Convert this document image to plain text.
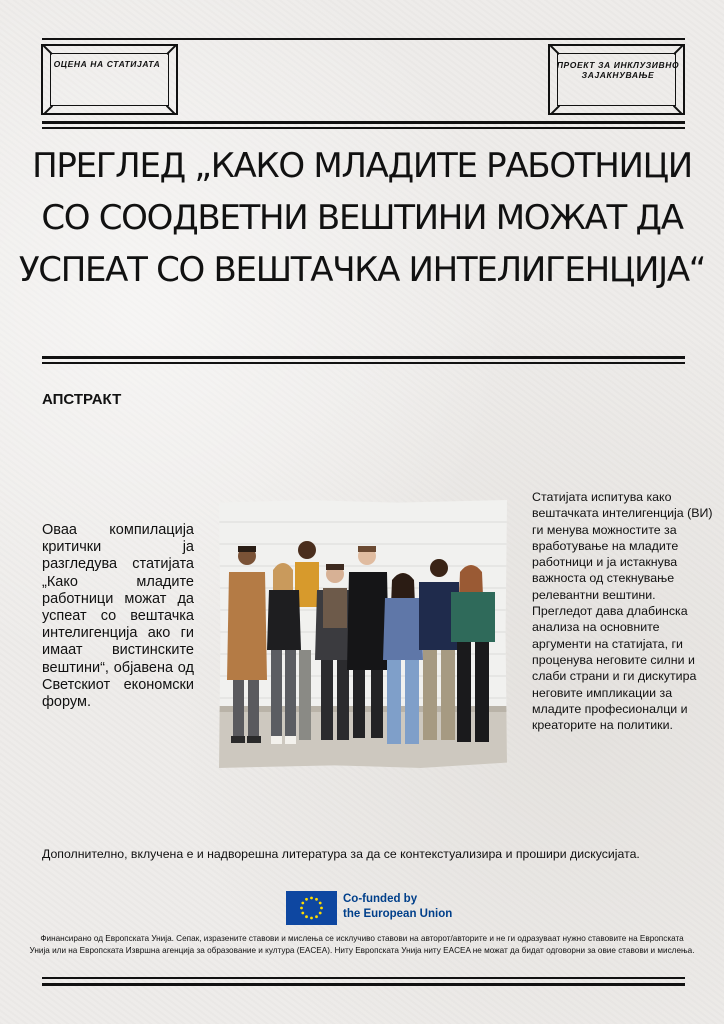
ОЦЕНА НА СТАТИЈАТА	ПРОЕКТ ЗА ИНКЛУЗИВНО ЗАЈАКНУВАЊЕ
ПРЕГЛЕД „КАКО МЛАДИТЕ РАБОТНИЦИ
СО СООДВЕТНИ ВЕШТИНИ МОЖАТ ДА
УСПЕАТ СО ВЕШТАЧКА ИНТЕЛИГЕНЦИЈА“
АПСТРАКТ
Оваа компилација критички ја разгледува статијата „Како младите работници можат да успеат со вештачка интелигенција ако ги имаат вистинските вештини“, објавена од Светскиот економски форум.
Статијата испитува како вештачката интелигенција (ВИ) ги менува можностите за вработување на младите работници и ја истакнува важноста од стекнување релевантни вештини. Прегледот дава длабинска анализа на основните аргументи на статијата, ги проценува неговите силни и слаби страни и ги дискутира неговите импликации за младите професионалци и креаторите на политики.
Дополнително, вклучена е и надворешна литература за да се контекстуализира и прошири дискусијата.
Co-funded by
the European Union
Финансирано од Европската Унија. Сепак, изразените ставови и мислења се исклучиво ставови на авторот/авторите и не ги одразуваат нужно ставовите на Европската
Унија или на Европската Извршна агенција за образование и култура (EACEA). Ниту Европската Унија ниту EACEA не можат да бидат одговорни за овие ставови и мислења.
